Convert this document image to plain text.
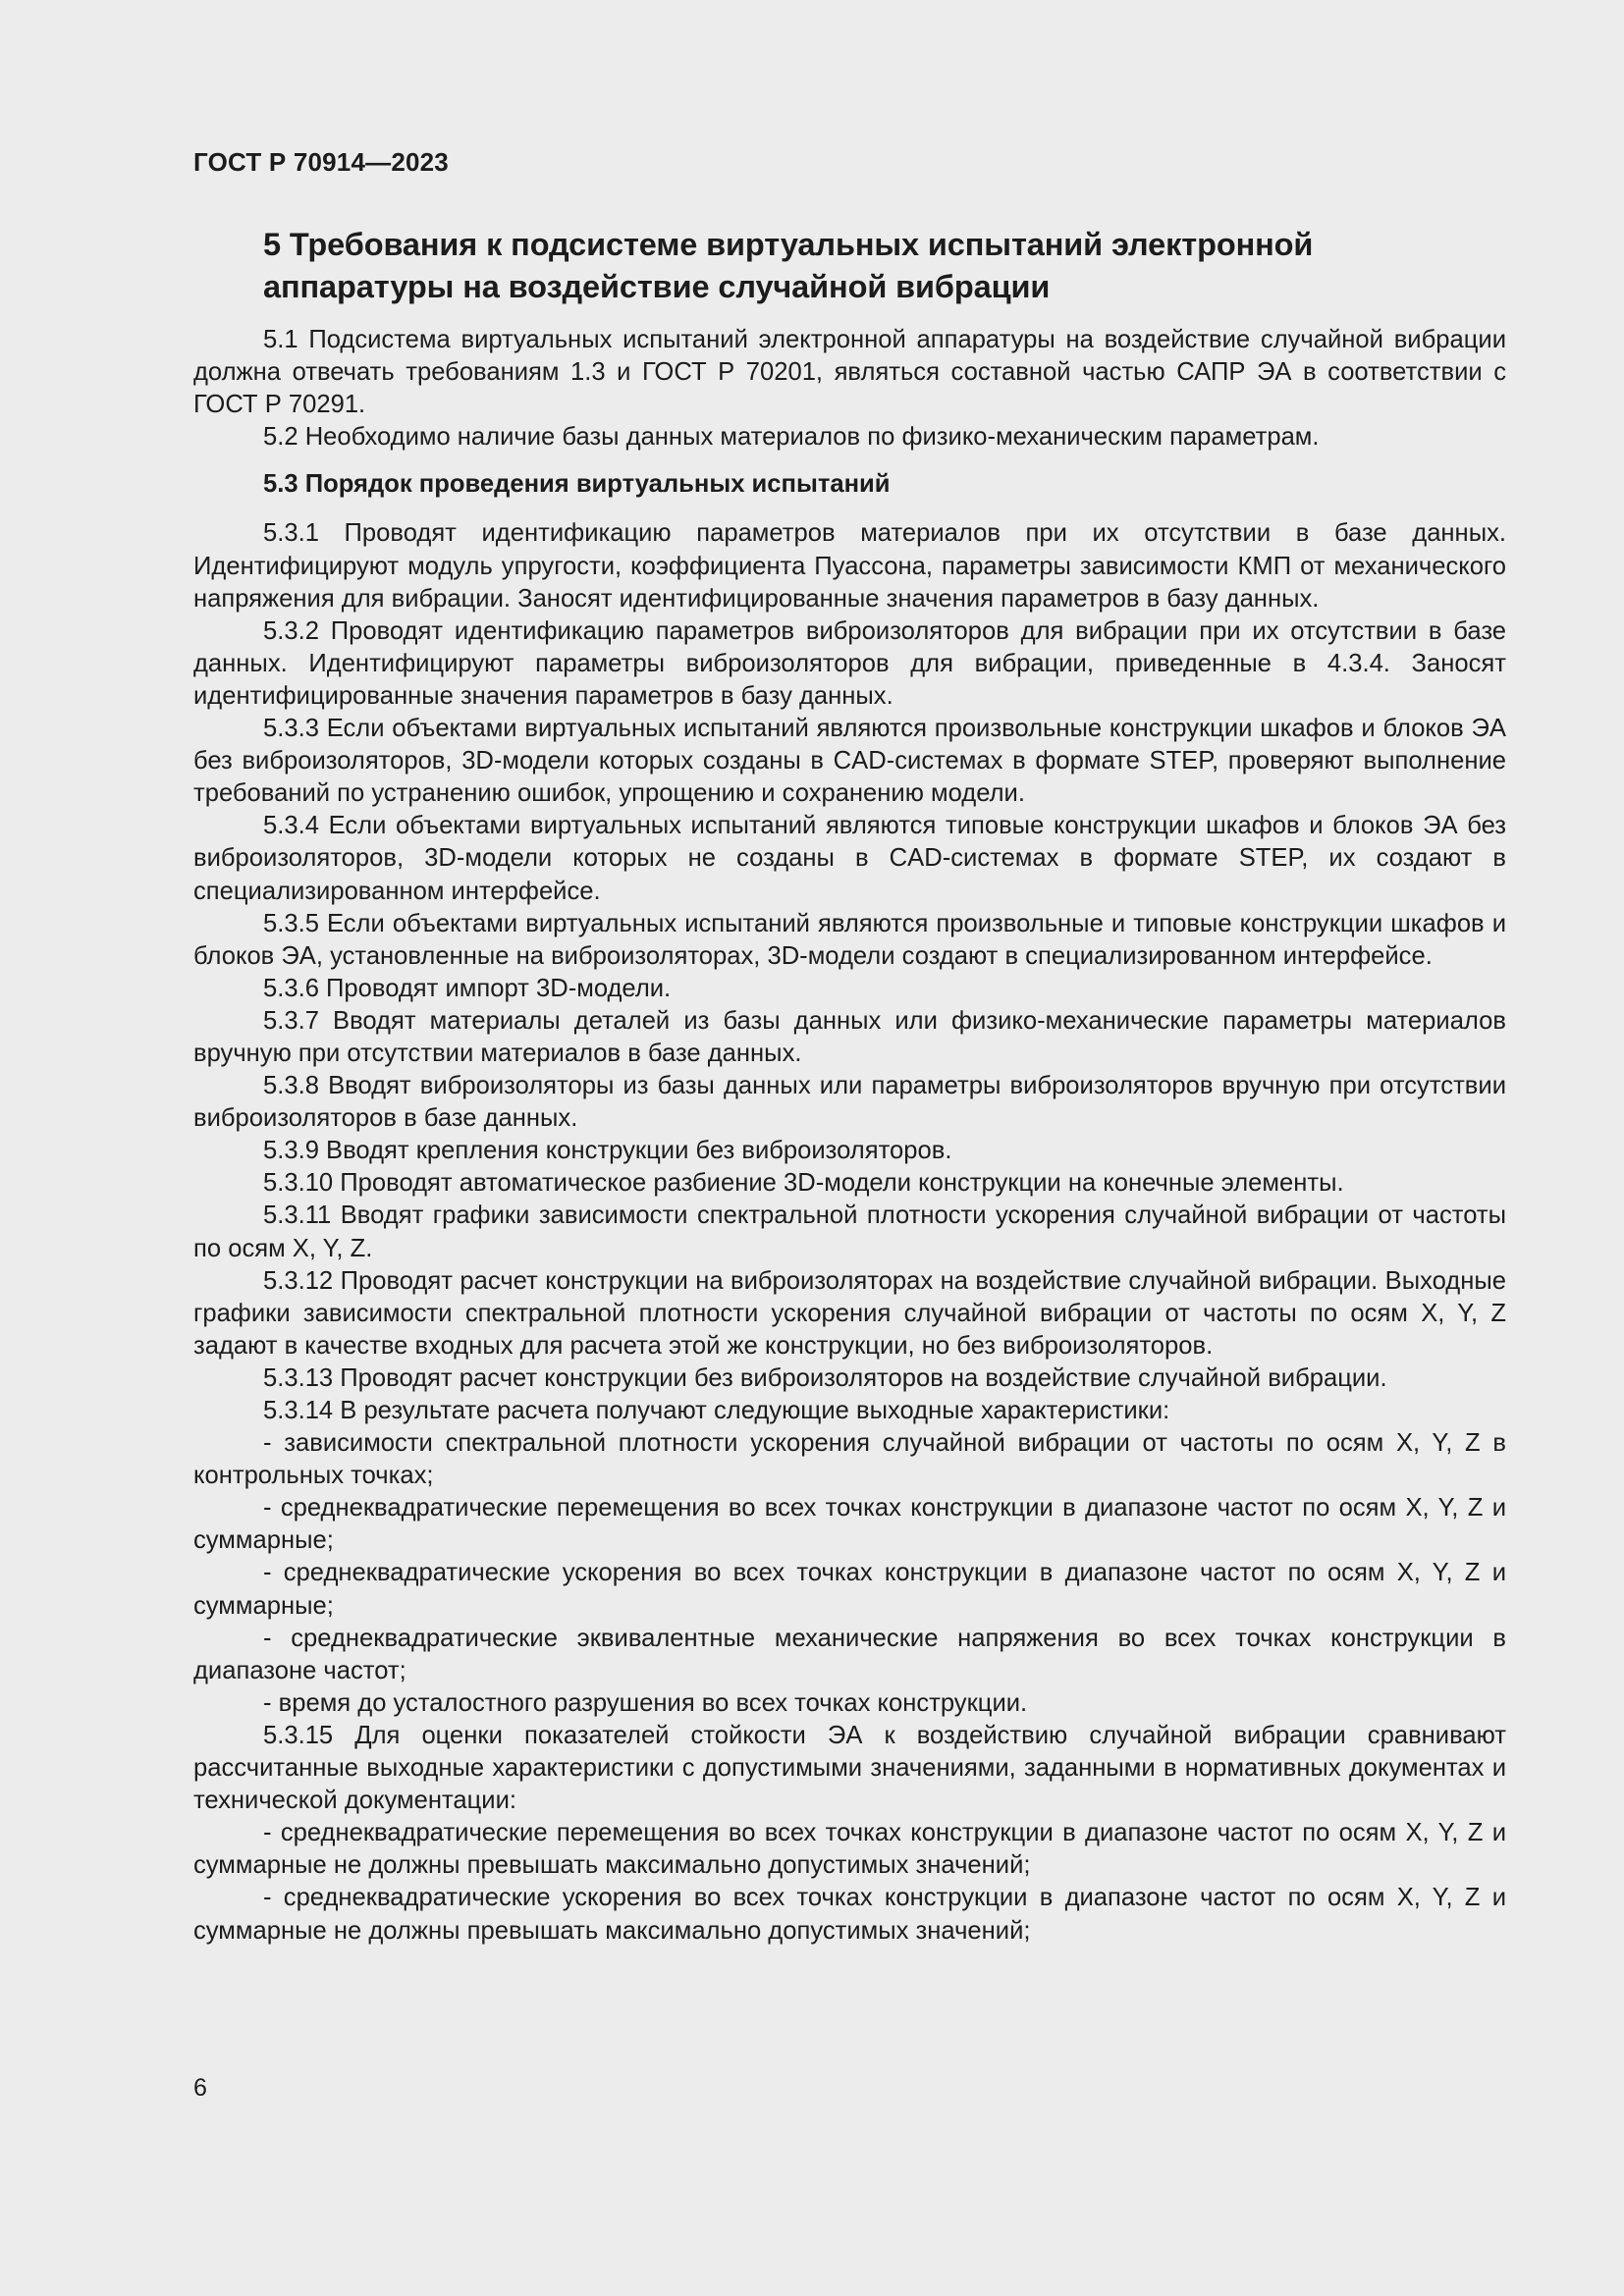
ГОСТ Р 70914—2023
5 Требования к подсистеме виртуальных испытаний электронной аппаратуры на воздействие случайной вибрации

5.1 Подсистема виртуальных испытаний электронной аппаратуры на воздействие случайной вибрации должна отвечать требованиям 1.3 и ГОСТ Р 70201, являться составной частью САПР ЭА в соответствии с ГОСТ Р 70291.

5.2 Необходимо наличие базы данных материалов по физико-механическим параметрам.

5.3 Порядок проведения виртуальных испытаний

5.3.1 Проводят идентификацию параметров материалов при их отсутствии в базе данных. Идентифицируют модуль упругости, коэффициента Пуассона, параметры зависимости КМП от механического напряжения для вибрации. Заносят идентифицированные значения параметров в базу данных.

5.3.2 Проводят идентификацию параметров виброизоляторов для вибрации при их отсутствии в базе данных. Идентифицируют параметры виброизоляторов для вибрации, приведенные в 4.3.4. Заносят идентифицированные значения параметров в базу данных.

5.3.3 Если объектами виртуальных испытаний являются произвольные конструкции шкафов и блоков ЭА без виброизоляторов, 3D-модели которых созданы в CAD-системах в формате STEP, проверяют выполнение требований по устранению ошибок, упрощению и сохранению модели.

5.3.4 Если объектами виртуальных испытаний являются типовые конструкции шкафов и блоков ЭА без виброизоляторов, 3D-модели которых не созданы в CAD-системах в формате STEP, их создают в специализированном интерфейсе.

5.3.5 Если объектами виртуальных испытаний являются произвольные и типовые конструкции шкафов и блоков ЭА, установленные на виброизоляторах, 3D-модели создают в специализированном интерфейсе.

5.3.6 Проводят импорт 3D-модели.

5.3.7 Вводят материалы деталей из базы данных или физико-механические параметры материалов вручную при отсутствии материалов в базе данных.

5.3.8 Вводят виброизоляторы из базы данных или параметры виброизоляторов вручную при отсутствии виброизоляторов в базе данных.

5.3.9 Вводят крепления конструкции без виброизоляторов.

5.3.10 Проводят автоматическое разбиение 3D-модели конструкции на конечные элементы.

5.3.11 Вводят графики зависимости спектральной плотности ускорения случайной вибрации от частоты по осям X, Y, Z.

5.3.12 Проводят расчет конструкции на виброизоляторах на воздействие случайной вибрации. Выходные графики зависимости спектральной плотности ускорения случайной вибрации от частоты по осям X, Y, Z задают в качестве входных для расчета этой же конструкции, но без виброизоляторов.

5.3.13 Проводят расчет конструкции без виброизоляторов на воздействие случайной вибрации.

5.3.14 В результате расчета получают следующие выходные характеристики:

- зависимости спектральной плотности ускорения случайной вибрации от частоты по осям X, Y, Z в контрольных точках;

- среднеквадратические перемещения во всех точках конструкции в диапазоне частот по осям X, Y, Z и суммарные;

- среднеквадратические ускорения во всех точках конструкции в диапазоне частот по осям X, Y, Z и суммарные;

- среднеквадратические эквивалентные механические напряжения во всех точках конструкции в диапазоне частот;

- время до усталостного разрушения во всех точках конструкции.

5.3.15 Для оценки показателей стойкости ЭА к воздействию случайной вибрации сравнивают рассчитанные выходные характеристики с допустимыми значениями, заданными в нормативных документах и технической документации:

- среднеквадратические перемещения во всех точках конструкции в диапазоне частот по осям X, Y, Z и суммарные не должны превышать максимально допустимых значений;

- среднеквадратические ускорения во всех точках конструкции в диапазоне частот по осям X, Y, Z и суммарные не должны превышать максимально допустимых значений;

6
